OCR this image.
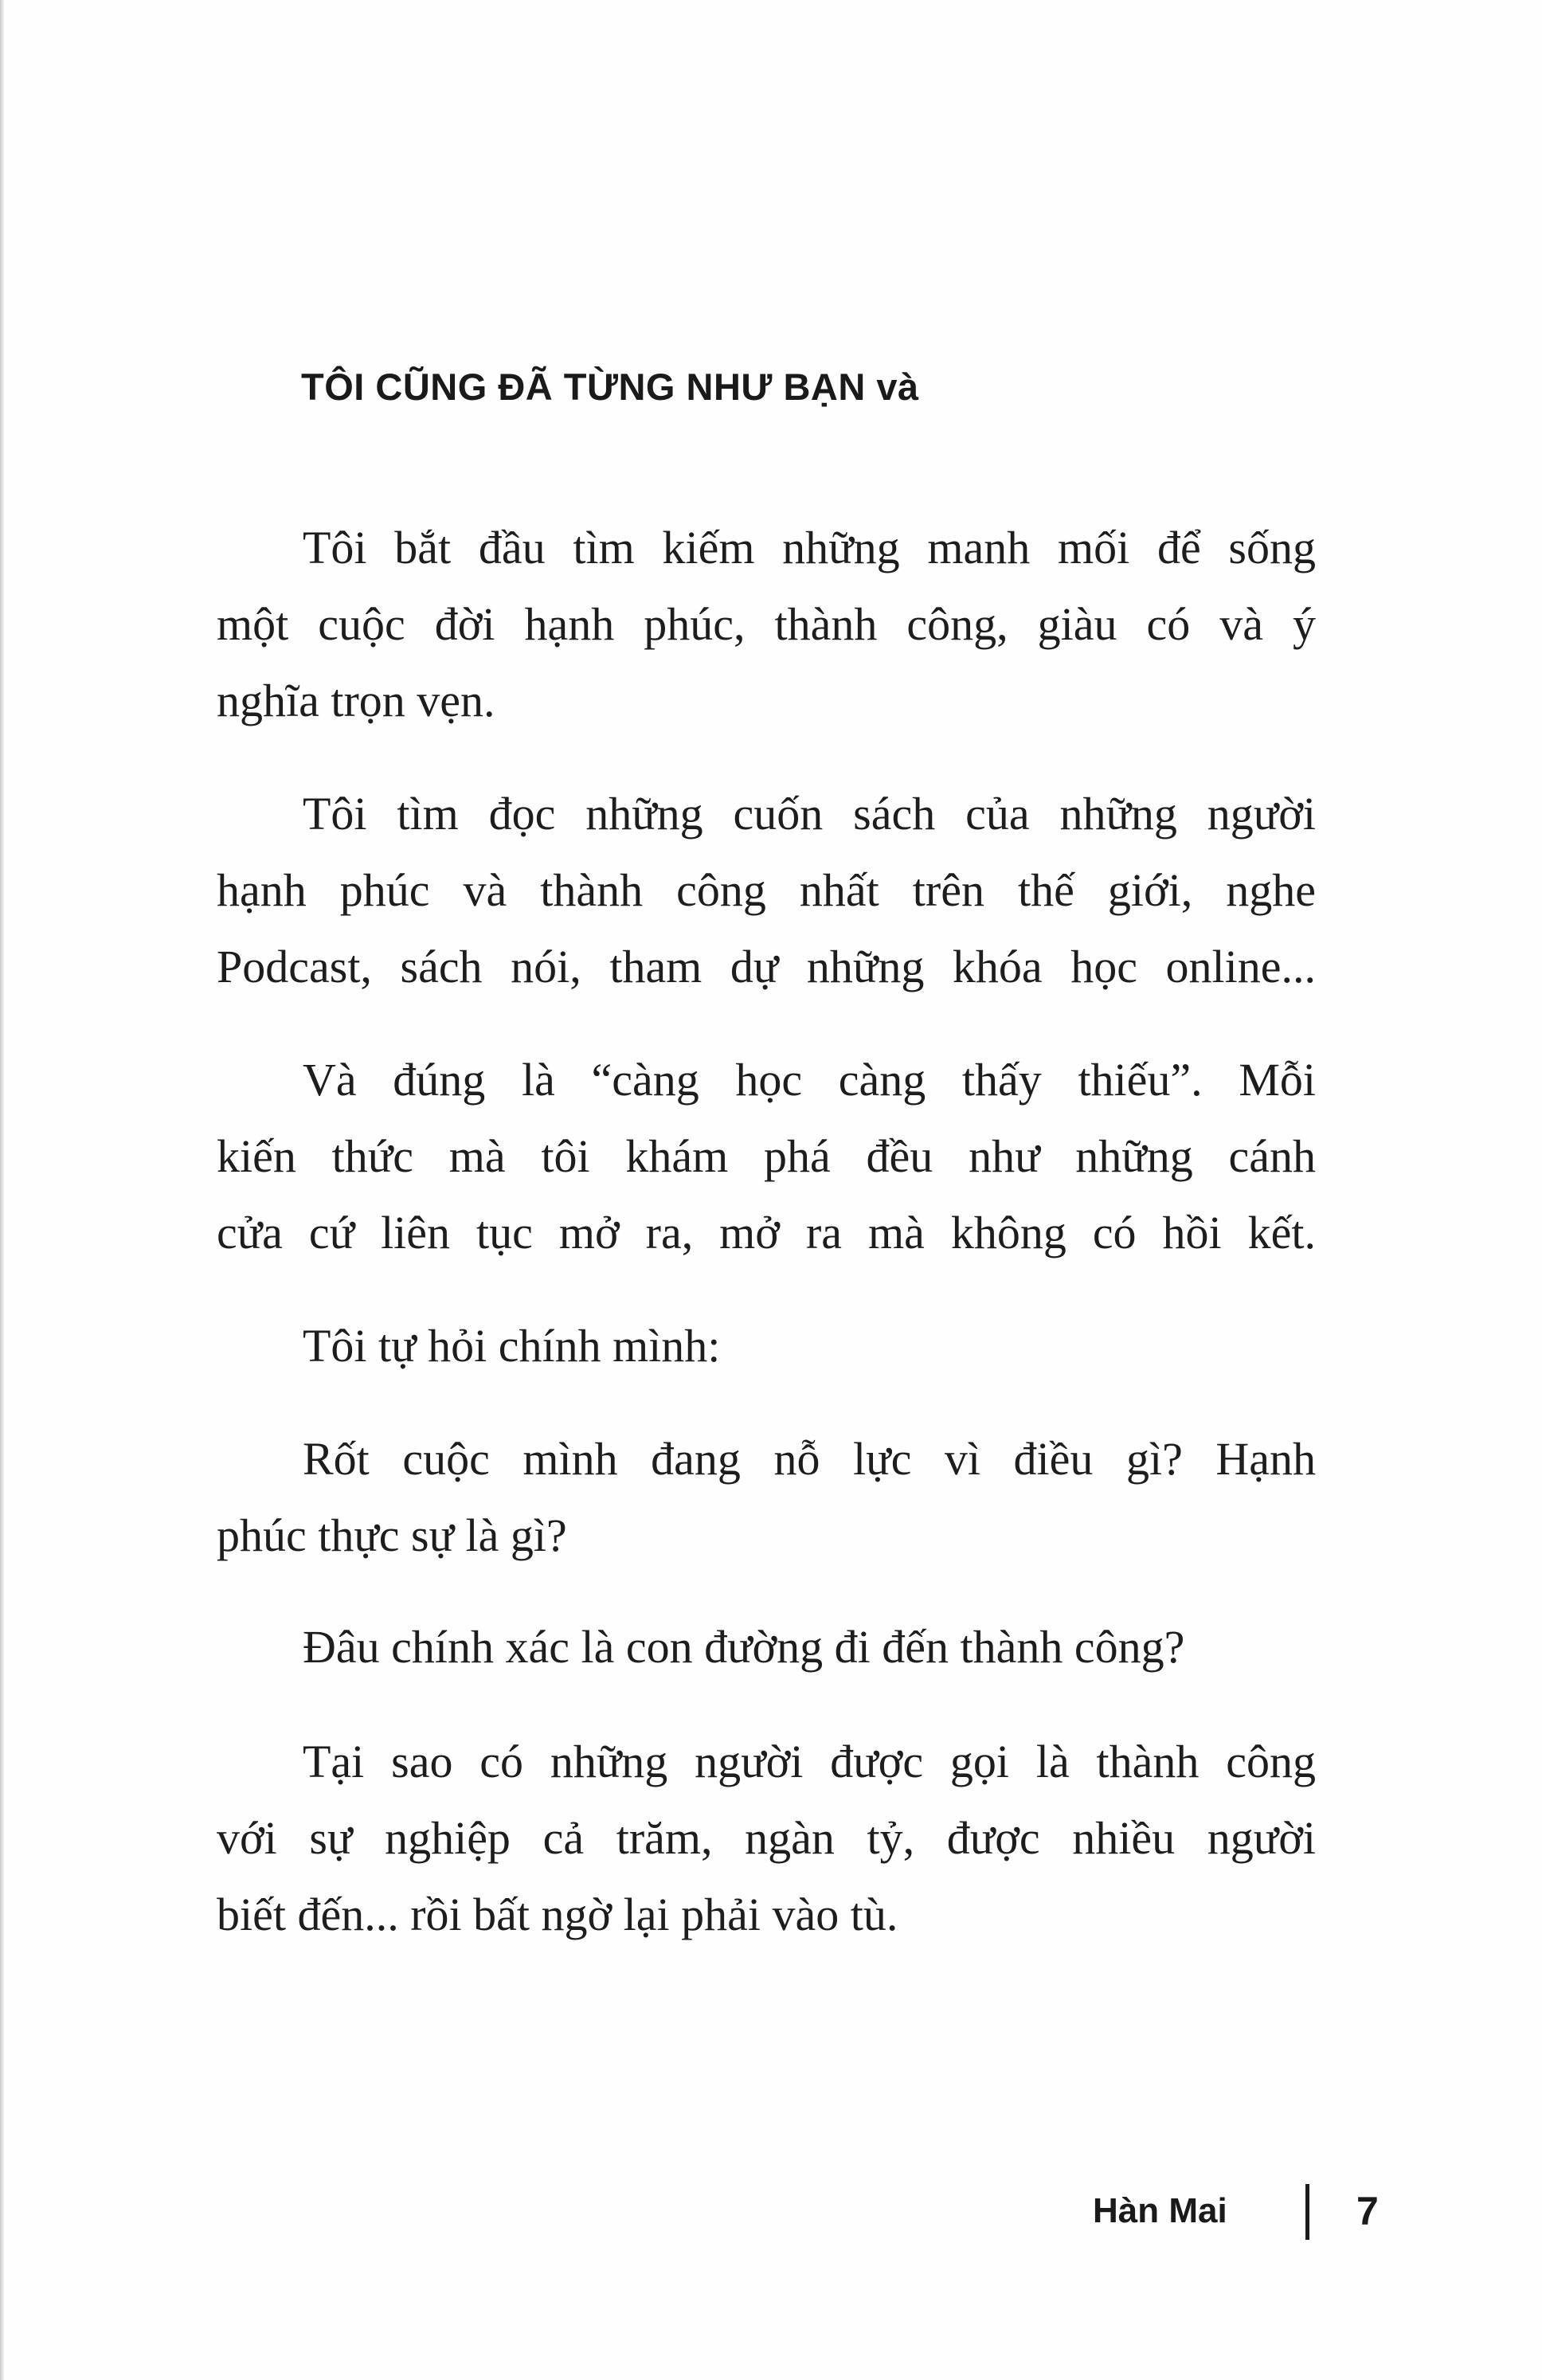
TÔI CŨNG ĐÃ TỪNG NHƯ BẠN và

Tôi bắt đầu tìm kiếm những manh mối để sống
một cuộc đời hạnh phúc, thành công, giàu có và ý
nghĩa trọn vẹn.

Tôi tìm đọc những cuốn sách của những người
hạnh phúc và thành công nhất trên thế giới, nghe
Podcast, sách nói, tham dự những khóa học online...

Và đúng là “càng học càng thấy thiếu”. Mỗi
kiến thức mà tôi khám phá đều như những cánh
cửa cứ liên tục mở ra, mở ra mà không có hồi kết.

Tôi tự hỏi chính mình:

Rốt cuộc mình đang nỗ lực vì điều gì? Hạnh
phúc thực sự là gì?

Đâu chính xác là con đường đi đến thành công?

Tại sao có những người được gọi là thành công
với sự nghiệp cả trăm, ngàn tỷ, được nhiều người
biết đến... rồi bất ngờ lại phải vào tù.

Hàn Mai	7
